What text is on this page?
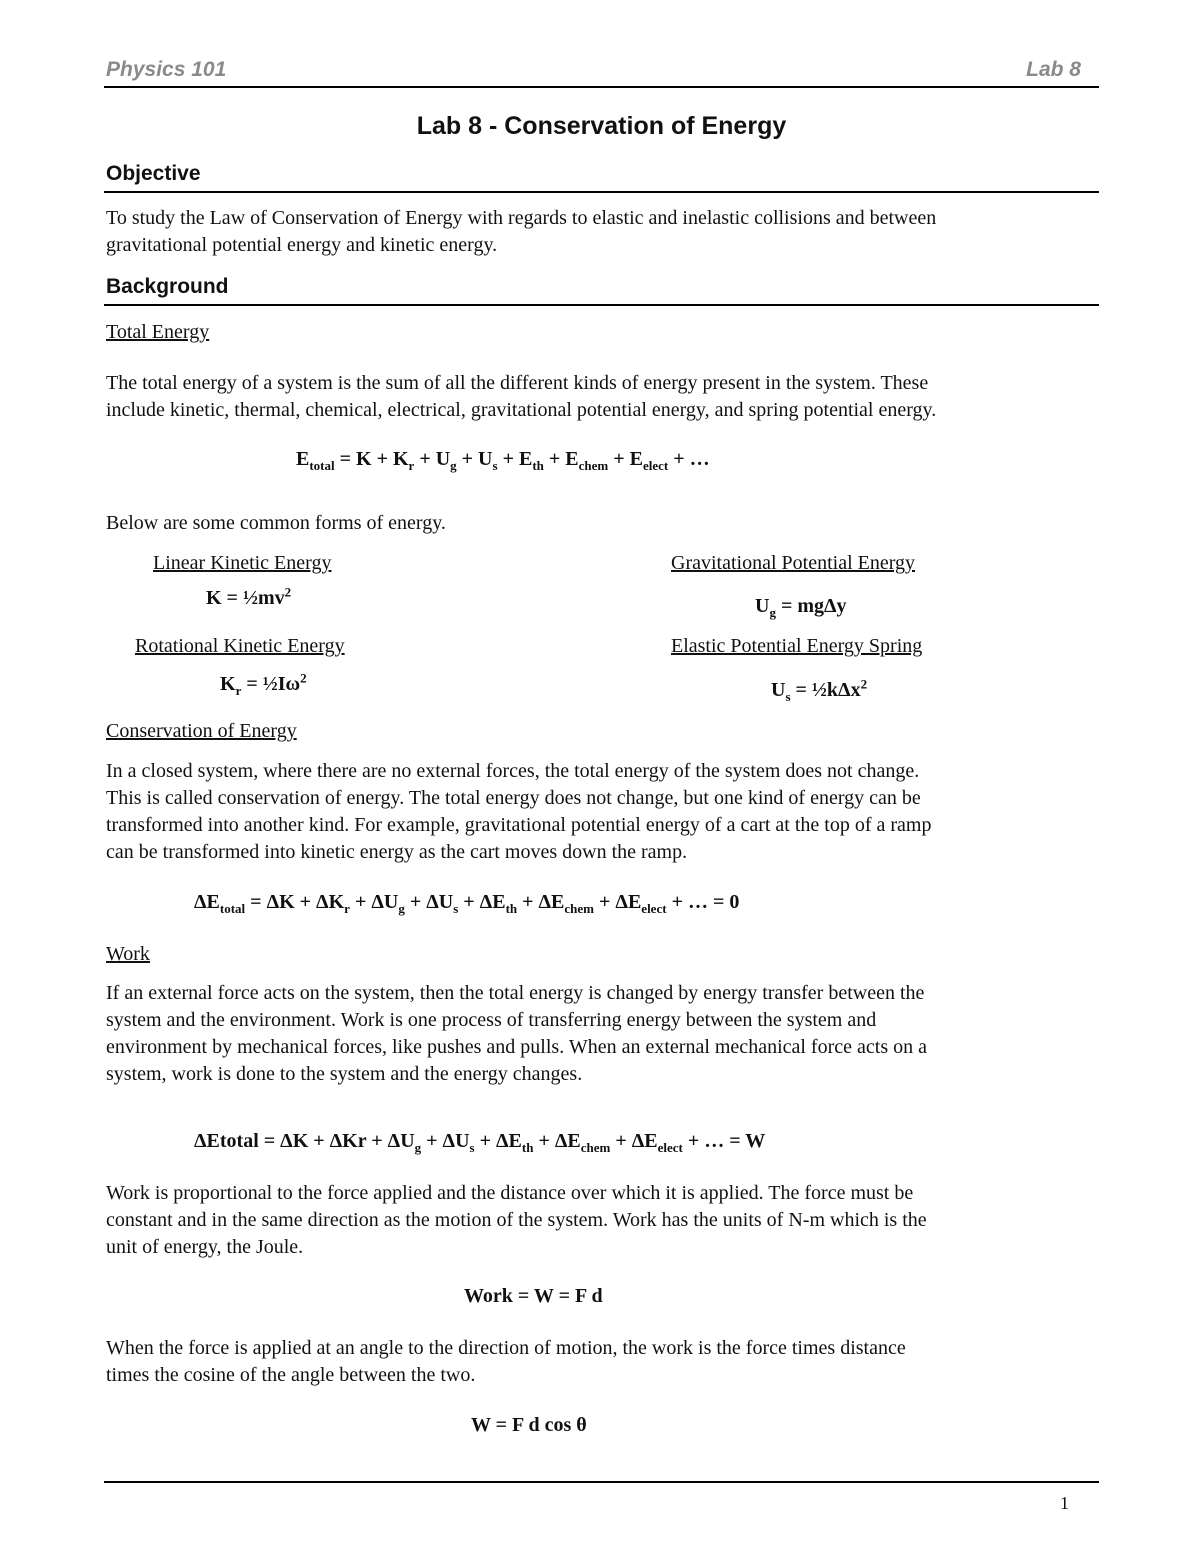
Physics 101	Lab 8
Lab 8 - Conservation of Energy
Objective
To study the Law of Conservation of Energy with regards to elastic and inelastic collisions and between
gravitational potential energy and kinetic energy.
Background
Total Energy
The total energy of a system is the sum of all the different kinds of energy present in the system. These
include kinetic, thermal, chemical, electrical, gravitational potential energy, and spring potential energy.
$E_{total} = K + K_r + U_g + U_s + E_{th} + E_{chem} + E_{elect}$ + …
Below are some common forms of energy.
Linear Kinetic Energy	Gravitational Potential Energy
$K = \frac{1}{2}mv^2$
$U_g = mg\Delta y$
Rotational Kinetic Energy	Elastic Potential Energy Spring
$K_r$ = $\frac{1}{2}I\omega^2$
$U_s$ = ½kΔx$^2$
Conservation of Energy
In a closed system, where there are no external forces, the total energy of the system does not change.
This is called conservation of energy. The total energy does not change, but one kind of energy can be
transformed into another kind. For example, gravitational potential energy of a cart at the top of a ramp
can be transformed into kinetic energy as the cart moves down the ramp.
$\Delta E_{total} = \Delta K + \Delta K_r + \Delta U_g + \Delta U_s + \Delta E_{th} + \Delta E_{chem} + \Delta E_{elect}$ + … = 0
Work
If an external force acts on the system, then the total energy is changed by energy transfer between the
system and the environment. Work is one process of transferring energy between the system and
environment by mechanical forces, like pushes and pulls. When an external mechanical force acts on a
system, work is done to the system and the energy changes.
ΔEtotal = $\Delta K + \Delta Kr + \Delta U_g + \Delta U_s + \Delta E_{th} + \Delta E_{chem} + \Delta E_{elect}$ + … = W
Work is proportional to the force applied and the distance over which it is applied. The force must be
constant and in the same direction as the motion of the system. Work has the units of N-m which is the
unit of energy, the Joule.
Work = W = F d
When the force is applied at an angle to the direction of motion, the work is the force times distance
times the cosine of the angle between the two.
W = F d cos θ
1
